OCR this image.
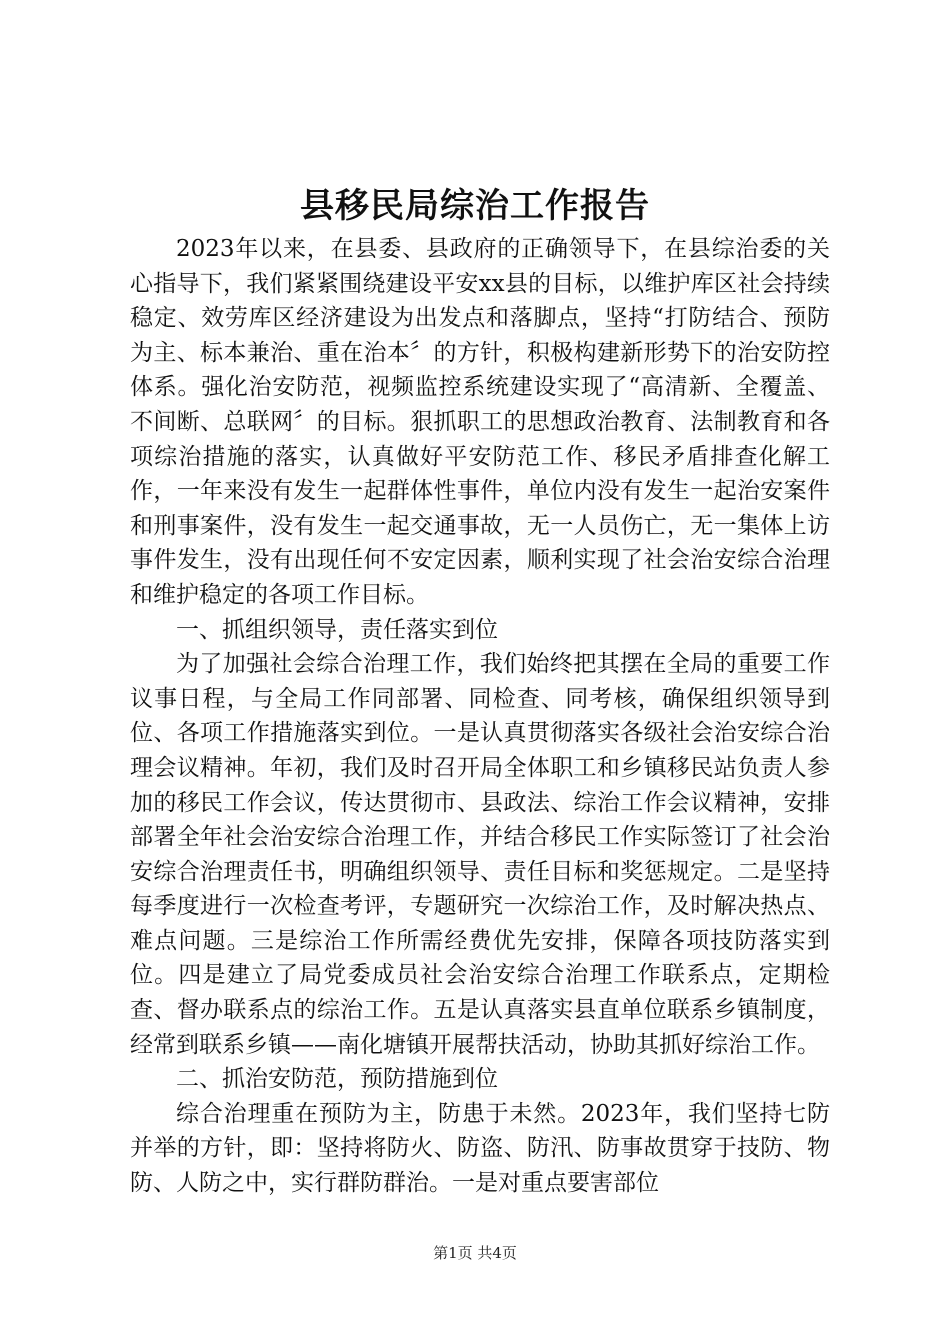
县移民局综治工作报告

2023年以来，在县委、县政府的正确领导下，在县综治委的关心指导下，我们紧紧围绕建设平安xx县的目标，以维护库区社会持续稳定、效劳库区经济建设为出发点和落脚点，坚持“打防结合、预防为主、标本兼治、重在治本〞的方针，积极构建新形势下的治安防控体系。强化治安防范，视频监控系统建设实现了“高清新、全覆盖、不间断、总联网〞的目标。狠抓职工的思想政治教育、法制教育和各项综治措施的落实，认真做好平安防范工作、移民矛盾排查化解工作，一年来没有发生一起群体性事件，单位内没有发生一起治安案件和刑事案件，没有发生一起交通事故，无一人员伤亡，无一集体上访事件发生，没有出现任何不安定因素，顺利实现了社会治安综合治理和维护稳定的各项工作目标。

一、抓组织领导，责任落实到位

为了加强社会综合治理工作，我们始终把其摆在全局的重要工作议事日程，与全局工作同部署、同检查、同考核，确保组织领导到位、各项工作措施落实到位。一是认真贯彻落实各级社会治安综合治理会议精神。年初，我们及时召开局全体职工和乡镇移民站负责人参加的移民工作会议，传达贯彻市、县政法、综治工作会议精神，安排部署全年社会治安综合治理工作，并结合移民工作实际签订了社会治安综合治理责任书，明确组织领导、责任目标和奖惩规定。二是坚持每季度进行一次检查考评，专题研究一次综治工作，及时解决热点、难点问题。三是综治工作所需经费优先安排，保障各项技防落实到位。四是建立了局党委成员社会治安综合治理工作联系点，定期检查、督办联系点的综治工作。五是认真落实县直单位联系乡镇制度，经常到联系乡镇——南化塘镇开展帮扶活动，协助其抓好综治工作。

二、抓治安防范，预防措施到位

综合治理重在预防为主，防患于未然。2023年，我们坚持七防并举的方针，即：坚持将防火、防盗、防汛、防事故贯穿于技防、物防、人防之中，实行群防群治。一是对重点要害部位

第1页 共4页
